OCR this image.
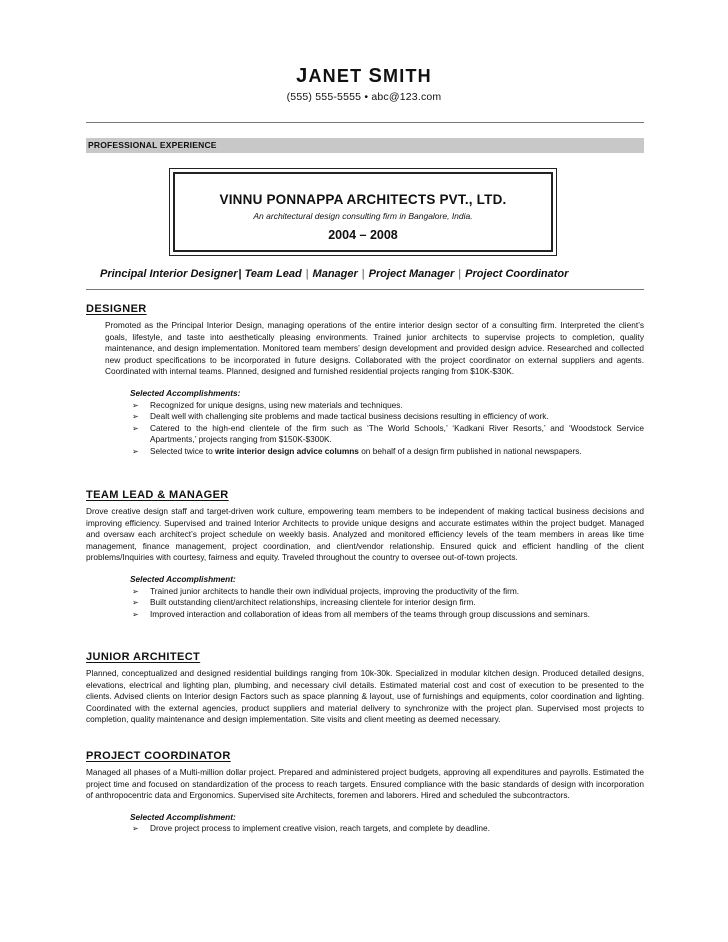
JANET SMITH
(555) 555-5555 • abc@123.com
PROFESSIONAL EXPERIENCE
VINNU PONNAPPA ARCHITECTS PVT., LTD.
An architectural design consulting firm in Bangalore, India.
2004 – 2008
Principal Interior Designer| Team Lead | Manager | Project Manager | Project Coordinator
DESIGNER
Promoted as the Principal Interior Design, managing operations of the entire interior design sector of a consulting firm. Interpreted the client’s goals, lifestyle, and taste into aesthetically pleasing environments. Trained junior architects to supervise projects to completion, quality maintenance, and design implementation. Monitored team members’ design development and provided design advice. Researched and collected new product specifications to be incorporated in future designs. Collaborated with the project coordinator on external suppliers and agents. Coordinated with internal teams. Planned, designed and furnished residential projects ranging from $10K-$30K.
Selected Accomplishments:
➢	Recognized for unique designs, using new materials and techniques.
➢	Dealt well with challenging site problems and made tactical business decisions resulting in efficiency of work.
➢	Catered to the high-end clientele of the firm such as ‘The World Schools,’ ‘Kadkani River Resorts,’ and ‘Woodstock Service Apartments,’ projects ranging from $150K-$300K.
➢	Selected twice to write interior design advice columns on behalf of a design firm published in national newspapers.
TEAM LEAD & MANAGER
Drove creative design staff and target-driven work culture, empowering team members to be independent of making tactical business decisions and improving efficiency. Supervised and trained Interior Architects to provide unique designs and accurate estimates within the project budget. Managed and oversaw each architect’s project schedule on weekly basis. Analyzed and monitored efficiency levels of the team members in areas like time management, finance management, project coordination, and client/vendor relationship. Ensured quick and efficient handling of the client problems/Inquiries with courtesy, fairness and equity. Traveled throughout the country to oversee out-of-town projects.
Selected Accomplishment:
➢	Trained junior architects to handle their own individual projects, improving the productivity of the firm.
➢	Built outstanding client/architect relationships, increasing clientele for interior design firm.
➢	Improved interaction and collaboration of ideas from all members of the teams through group discussions and seminars.
JUNIOR ARCHITECT
Planned, conceptualized and designed residential buildings ranging from 10k-30k. Specialized in modular kitchen design. Produced detailed designs, elevations, electrical and lighting plan, plumbing, and necessary civil details. Estimated material cost and cost of execution to be presented to the clients. Advised clients on Interior design Factors such as space planning & layout, use of furnishings and equipments, color coordination and lighting. Coordinated with the external agencies, product suppliers and material delivery to synchronize with the project plan. Supervised most projects to completion, quality maintenance and design implementation. Site visits and client meeting as deemed necessary.
PROJECT COORDINATOR
Managed all phases of a Multi-million dollar project. Prepared and administered project budgets, approving all expenditures and payrolls. Estimated the project time and focused on standardization of the process to reach targets. Ensured compliance with the basic standards of design with incorporation of anthropocentric data and Ergonomics. Supervised site Architects, foremen and laborers. Hired and scheduled the subcontractors.
Selected Accomplishment:
➢	Drove project process to implement creative vision, reach targets, and complete by deadline.
